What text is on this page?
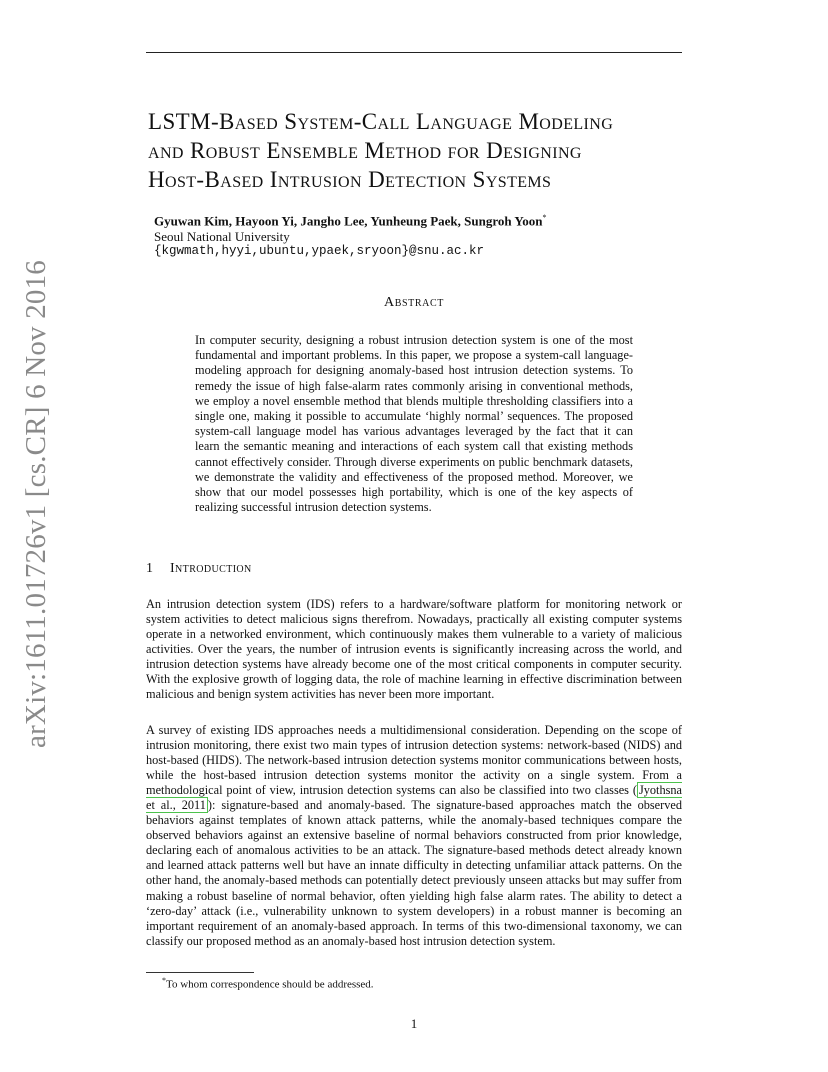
arXiv:1611.01726v1 [cs.CR] 6 Nov 2016
LSTM-Based System-Call Language Modeling
and Robust Ensemble Method for Designing
Host-Based Intrusion Detection Systems
Gyuwan Kim, Hayoon Yi, Jangho Lee, Yunheung Paek, Sungroh Yoon*
Seoul National University
{kgwmath,hyyi,ubuntu,ypaek,sryoon}@snu.ac.kr
Abstract
In computer security, designing a robust intrusion detection system is one of the most fundamental and important problems. In this paper, we propose a system-call language-modeling approach for designing anomaly-based host intrusion detection systems. To remedy the issue of high false-alarm rates commonly arising in conventional methods, we employ a novel ensemble method that blends multiple thresholding classifiers into a single one, making it possible to accumulate ‘highly normal’ sequences. The proposed system-call language model has various advantages leveraged by the fact that it can learn the semantic meaning and interactions of each system call that existing methods cannot effectively consider. Through diverse experiments on public benchmark datasets, we demonstrate the validity and effectiveness of the proposed method. Moreover, we show that our model possesses high portability, which is one of the key aspects of realizing successful intrusion detection systems.
1 Introduction
An intrusion detection system (IDS) refers to a hardware/software platform for monitoring network or system activities to detect malicious signs therefrom. Nowadays, practically all existing computer systems operate in a networked environment, which continuously makes them vulnerable to a variety of malicious activities. Over the years, the number of intrusion events is significantly increasing across the world, and intrusion detection systems have already become one of the most critical components in computer security. With the explosive growth of logging data, the role of machine learning in effective discrimination between malicious and benign system activities has never been more important.
A survey of existing IDS approaches needs a multidimensional consideration. Depending on the scope of intrusion monitoring, there exist two main types of intrusion detection systems: network-based (NIDS) and host-based (HIDS). The network-based intrusion detection systems monitor communications between hosts, while the host-based intrusion detection systems monitor the activity on a single system. From a methodological point of view, intrusion detection systems can also be classified into two classes ( Jyothsna et al., 2011 ): signature-based and anomaly-based. The signature-based approaches match the observed behaviors against templates of known attack patterns, while the anomaly-based techniques compare the observed behaviors against an extensive baseline of normal behaviors constructed from prior knowledge, declaring each of anomalous activities to be an attack. The signature-based methods detect already known and learned attack patterns well but have an innate difficulty in detecting unfamiliar attack patterns. On the other hand, the anomaly-based methods can potentially detect previously unseen attacks but may suffer from making a robust baseline of normal behavior, often yielding high false alarm rates. The ability to detect a ‘zero-day’ attack (i.e., vulnerability unknown to system developers) in a robust manner is becoming an important requirement of an anomaly-based approach. In terms of this two-dimensional taxonomy, we can classify our proposed method as an anomaly-based host intrusion detection system.
*To whom correspondence should be addressed.
1
